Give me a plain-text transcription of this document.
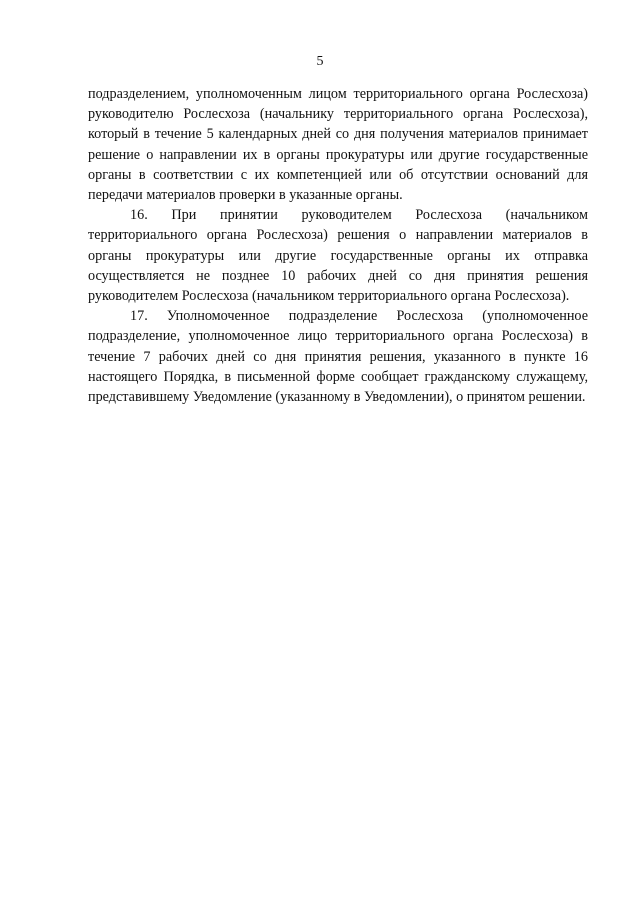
5

подразделением, уполномоченным лицом территориального органа Рослесхоза) руководителю Рослесхоза (начальнику территориального органа Рослесхоза), который в течение 5 календарных дней со дня получения материалов принимает решение о направлении их в органы прокуратуры или другие государственные органы в соответствии с их компетенцией или об отсутствии оснований для передачи материалов проверки в указанные органы.

16. При принятии руководителем Рослесхоза (начальником территориального органа Рослесхоза) решения о направлении материалов в органы прокуратуры или другие государственные органы их отправка осуществляется не позднее 10 рабочих дней со дня принятия решения руководителем Рослесхоза (начальником территориального органа Рослесхоза).

17. Уполномоченное подразделение Рослесхоза (уполномоченное подразделение, уполномоченное лицо территориального органа Рослесхоза) в течение 7 рабочих дней со дня принятия решения, указанного в пункте 16 настоящего Порядка, в письменной форме сообщает гражданскому служащему, представившему Уведомление (указанному в Уведомлении), о принятом решении.
